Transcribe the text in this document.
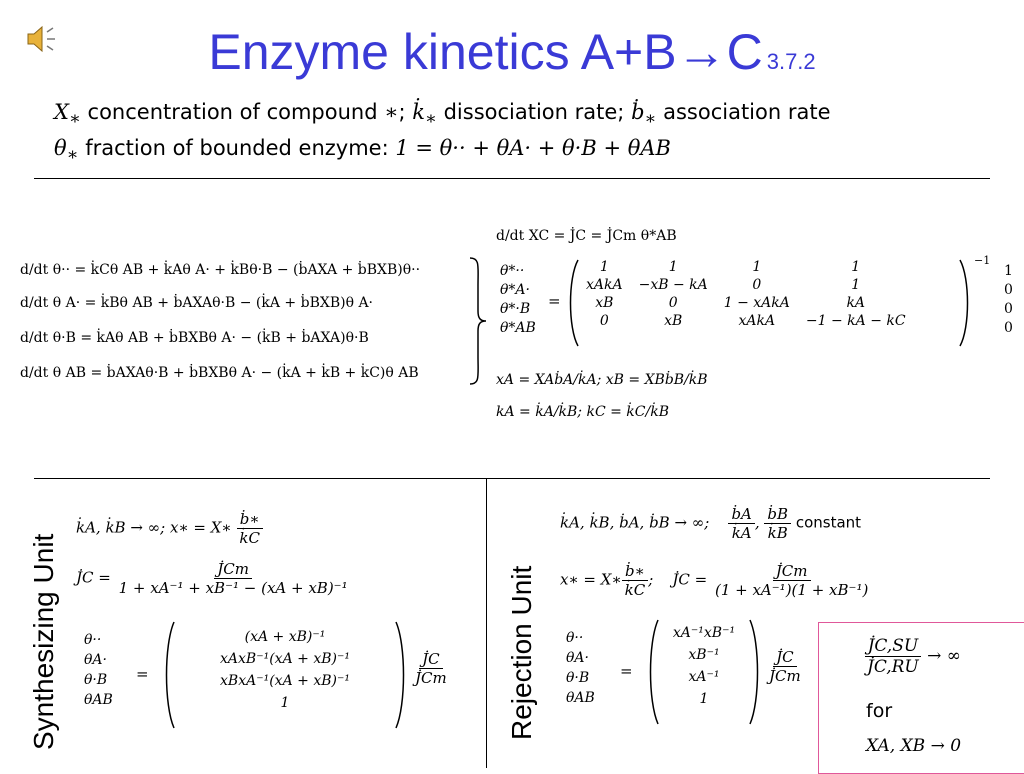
Enzyme kinetics A+B→C 3.7.2
$X_∗$ concentration of compound ∗; $k̇_∗$ dissociation rate; ḃ$_∗$ association rate
$\theta_∗$ fraction of bounded enzyme: 1 = θ·· + θA· + θ·B + θAB
d/dt θ·· = k̇Cθ AB + k̇Aθ A· + k̇Bθ·B − (ḃAXA + ḃBXB)θ··
d/dt θ A· = k̇Bθ AB + ḃAXAθ·B − (k̇A + ḃBXB)θ A·
d/dt θ·B = k̇Aθ AB + ḃBXBθ A· − (k̇B + ḃAXA)θ·B
d/dt θ AB = ḃAXAθ·B + ḃBXBθ A· − (k̇A + k̇B + k̇C)θ AB
d/dt XC = J̇C = J̇Cm θ*AB
θ*··
θ*A·
θ*·B
θ*AB
=
1	1	1	1
xAkA	−xB − kA	0	1
xB	0	1 − xAkA	kA
0	xB	xAkA	−1 − kA − kC
−1
1
0
0
0
xA = XAḃA/k̇A; xB = XBḃB/k̇B
kA = k̇A/k̇B; kC = k̇C/k̇B
Synthesizing Unit
k̇A, k̇B → ∞; x∗ = X∗ $\frac{\text{ḃ∗}}{k̇C}$
J̇C = $\frac{J̇Cm}{\text{1 + xA⁻¹ + xB⁻¹ − (xA + xB)⁻¹}}$
θ··
θA·
θ·B
θAB
=
(xA + xB)⁻¹
xAxB⁻¹(xA + xB)⁻¹
xBxA⁻¹(xA + xB)⁻¹
1
$\frac{J̇C}{J̇Cm}$ Rejection Unit
k̇A, k̇B, ḃA, ḃB → ∞; $\frac{\text{ḃA}}{k̇A}$ , $\frac{\text{ḃB}}{k̇B}$ constant
x∗ = X∗ $\frac{\text{ḃ∗}}{k̇C}$ ;    J̇C = $\frac{J̇Cm}{\text{(1 + xA⁻¹)(1 + xB⁻¹)}}$
θ··
θA·
θ·B
θAB
=
xA⁻¹xB⁻¹
xB⁻¹
xA⁻¹
1
$\frac{J̇C}{J̇Cm}$	$\frac{J̇C,SU}{J̇C,RU}$ → ∞
for
XA, XB → 0
